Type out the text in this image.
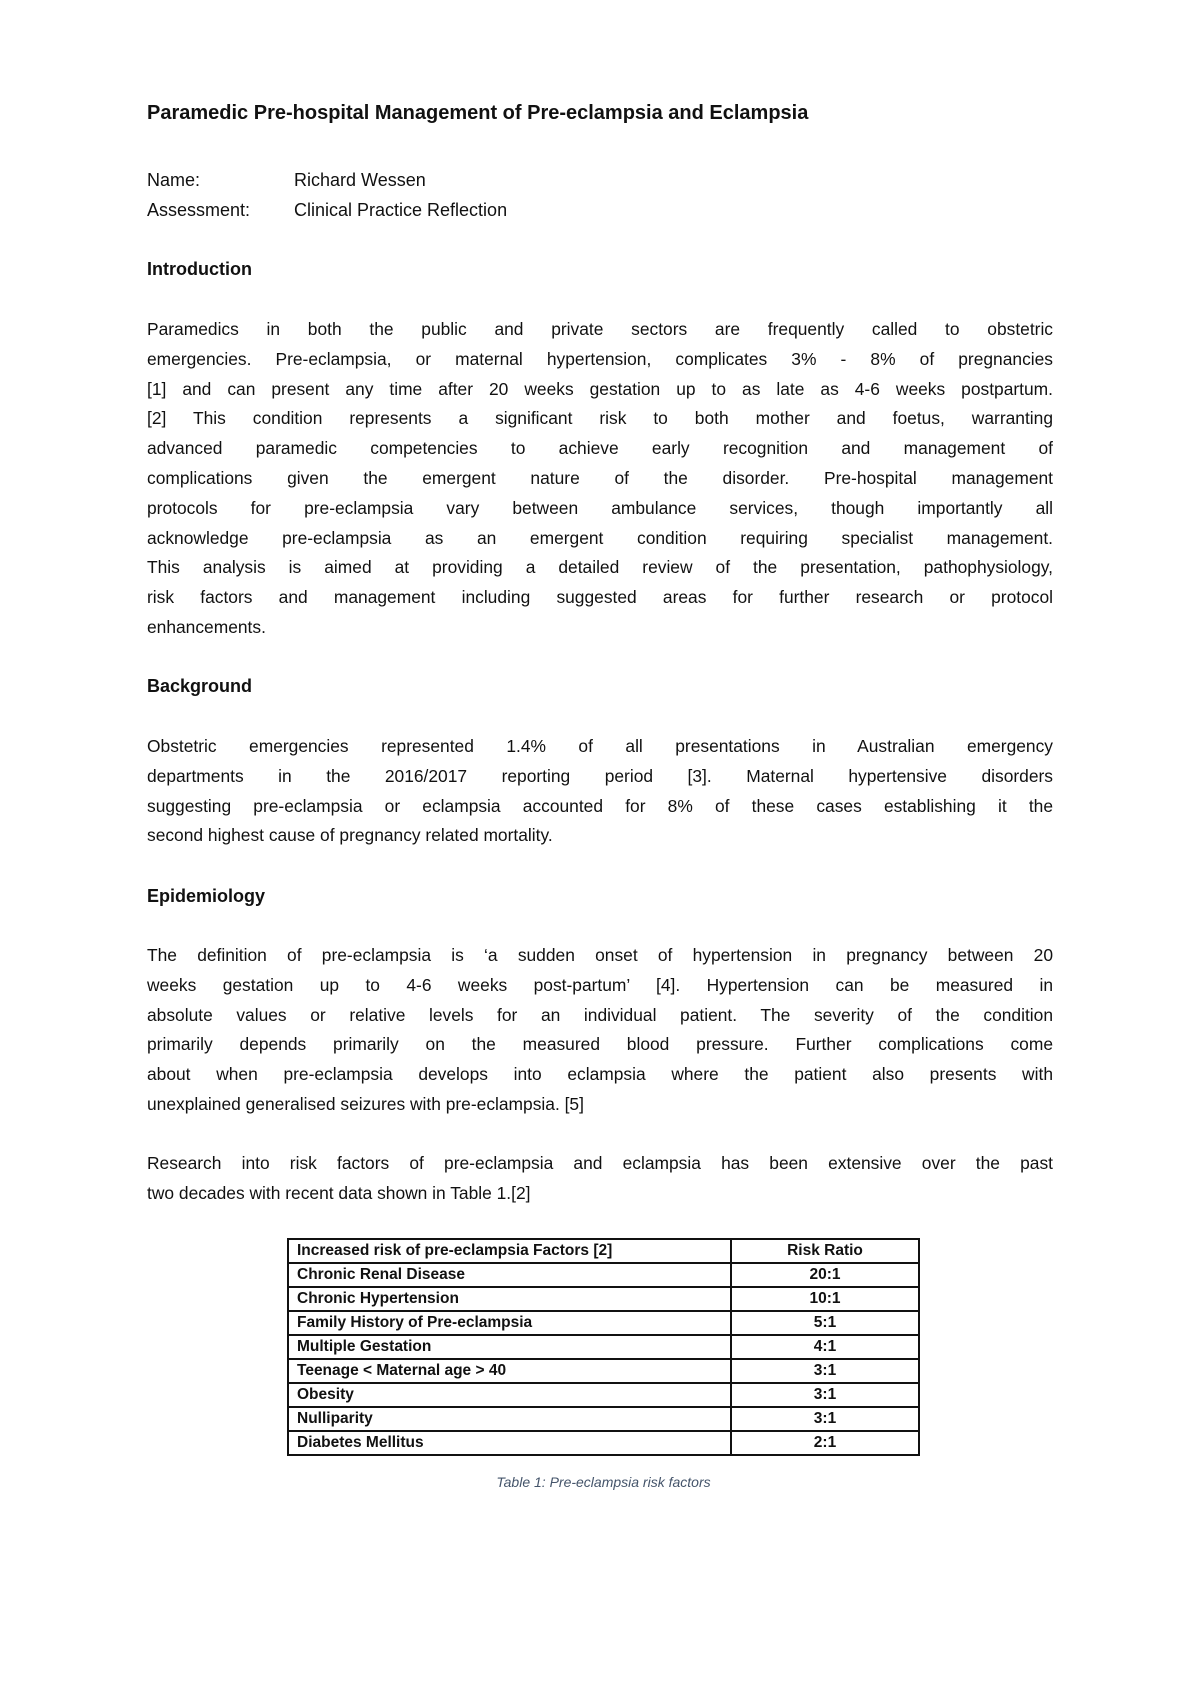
Paramedic Pre-hospital Management of Pre-eclampsia and Eclampsia
Name:	Richard Wessen
Assessment: Clinical Practice Reflection
Introduction
Paramedics in both the public and private sectors are frequently called to obstetric
emergencies. Pre-eclampsia, or maternal hypertension, complicates 3% - 8% of pregnancies
[1] and can present any time after 20 weeks gestation up to as late as 4-6 weeks postpartum.
[2] This condition represents a significant risk to both mother and foetus, warranting
advanced paramedic competencies to achieve early recognition and management of
complications given the emergent nature of the disorder. Pre-hospital management
protocols for pre-eclampsia vary between ambulance services, though importantly all
acknowledge pre-eclampsia as an emergent condition requiring specialist management.
This analysis is aimed at providing a detailed review of the presentation, pathophysiology,
risk factors and management including suggested areas for further research or protocol
enhancements.
Background
Obstetric emergencies represented 1.4% of all presentations in Australian emergency
departments in the 2016/2017 reporting period [3]. Maternal hypertensive disorders
suggesting pre-eclampsia or eclampsia accounted for 8% of these cases establishing it the
second highest cause of pregnancy related mortality.
Epidemiology
The definition of pre-eclampsia is ‘a sudden onset of hypertension in pregnancy between 20
weeks gestation up to 4-6 weeks post-partum’ [4]. Hypertension can be measured in
absolute values or relative levels for an individual patient. The severity of the condition
primarily depends primarily on the measured blood pressure. Further complications come
about when pre-eclampsia develops into eclampsia where the patient also presents with
unexplained generalised seizures with pre-eclampsia. [5]
Research into risk factors of pre-eclampsia and eclampsia has been extensive over the past
two decades with recent data shown in Table 1.[2]
Increased risk of pre-eclampsia Factors [2]	Risk Ratio
Chronic Renal Disease	20:1
Chronic Hypertension	10:1
Family History of Pre-eclampsia	5:1
Multiple Gestation	4:1
Teenage < Maternal age > 40	3:1
Obesity	3:1
Nulliparity	3:1
Diabetes Mellitus	2:1
Table 1: Pre-eclampsia risk factors
